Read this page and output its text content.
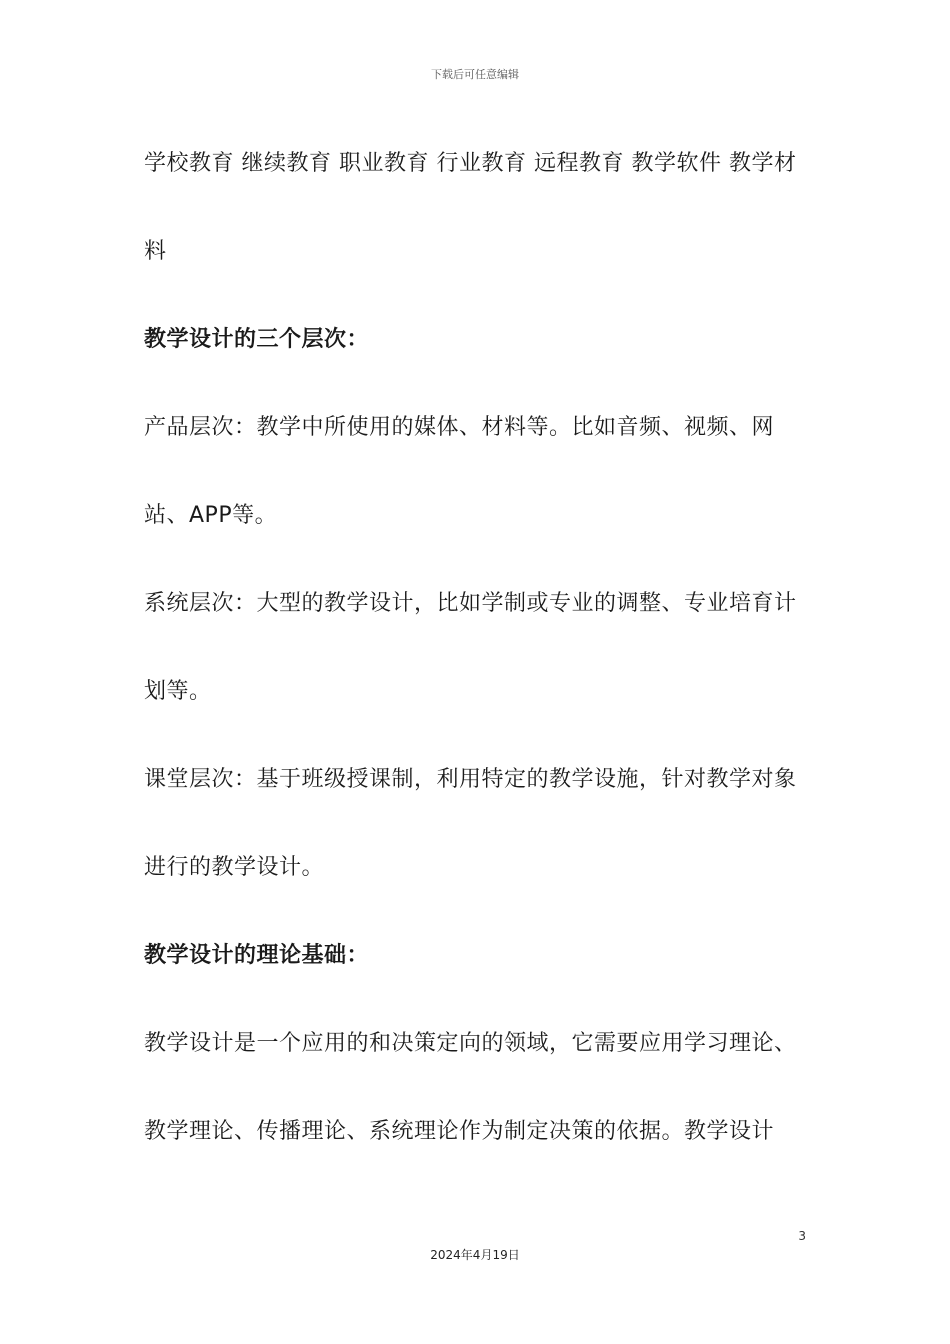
下载后可任意编辑

学校教育 继续教育 职业教育 行业教育 远程教育 教学软件 教学材料

教学设计的三个层次：

产品层次：教学中所使用的媒体、材料等。比如音频、视频、网站、APP等。

系统层次：大型的教学设计，比如学制或专业的调整、专业培育计划等。

课堂层次：基于班级授课制，利用特定的教学设施，针对教学对象进行的教学设计。

教学设计的理论基础：

教学设计是一个应用的和决策定向的领域，它需要应用学习理论、教学理论、传播理论、系统理论作为制定决策的依据。教学设计

3
2024年4月19日
